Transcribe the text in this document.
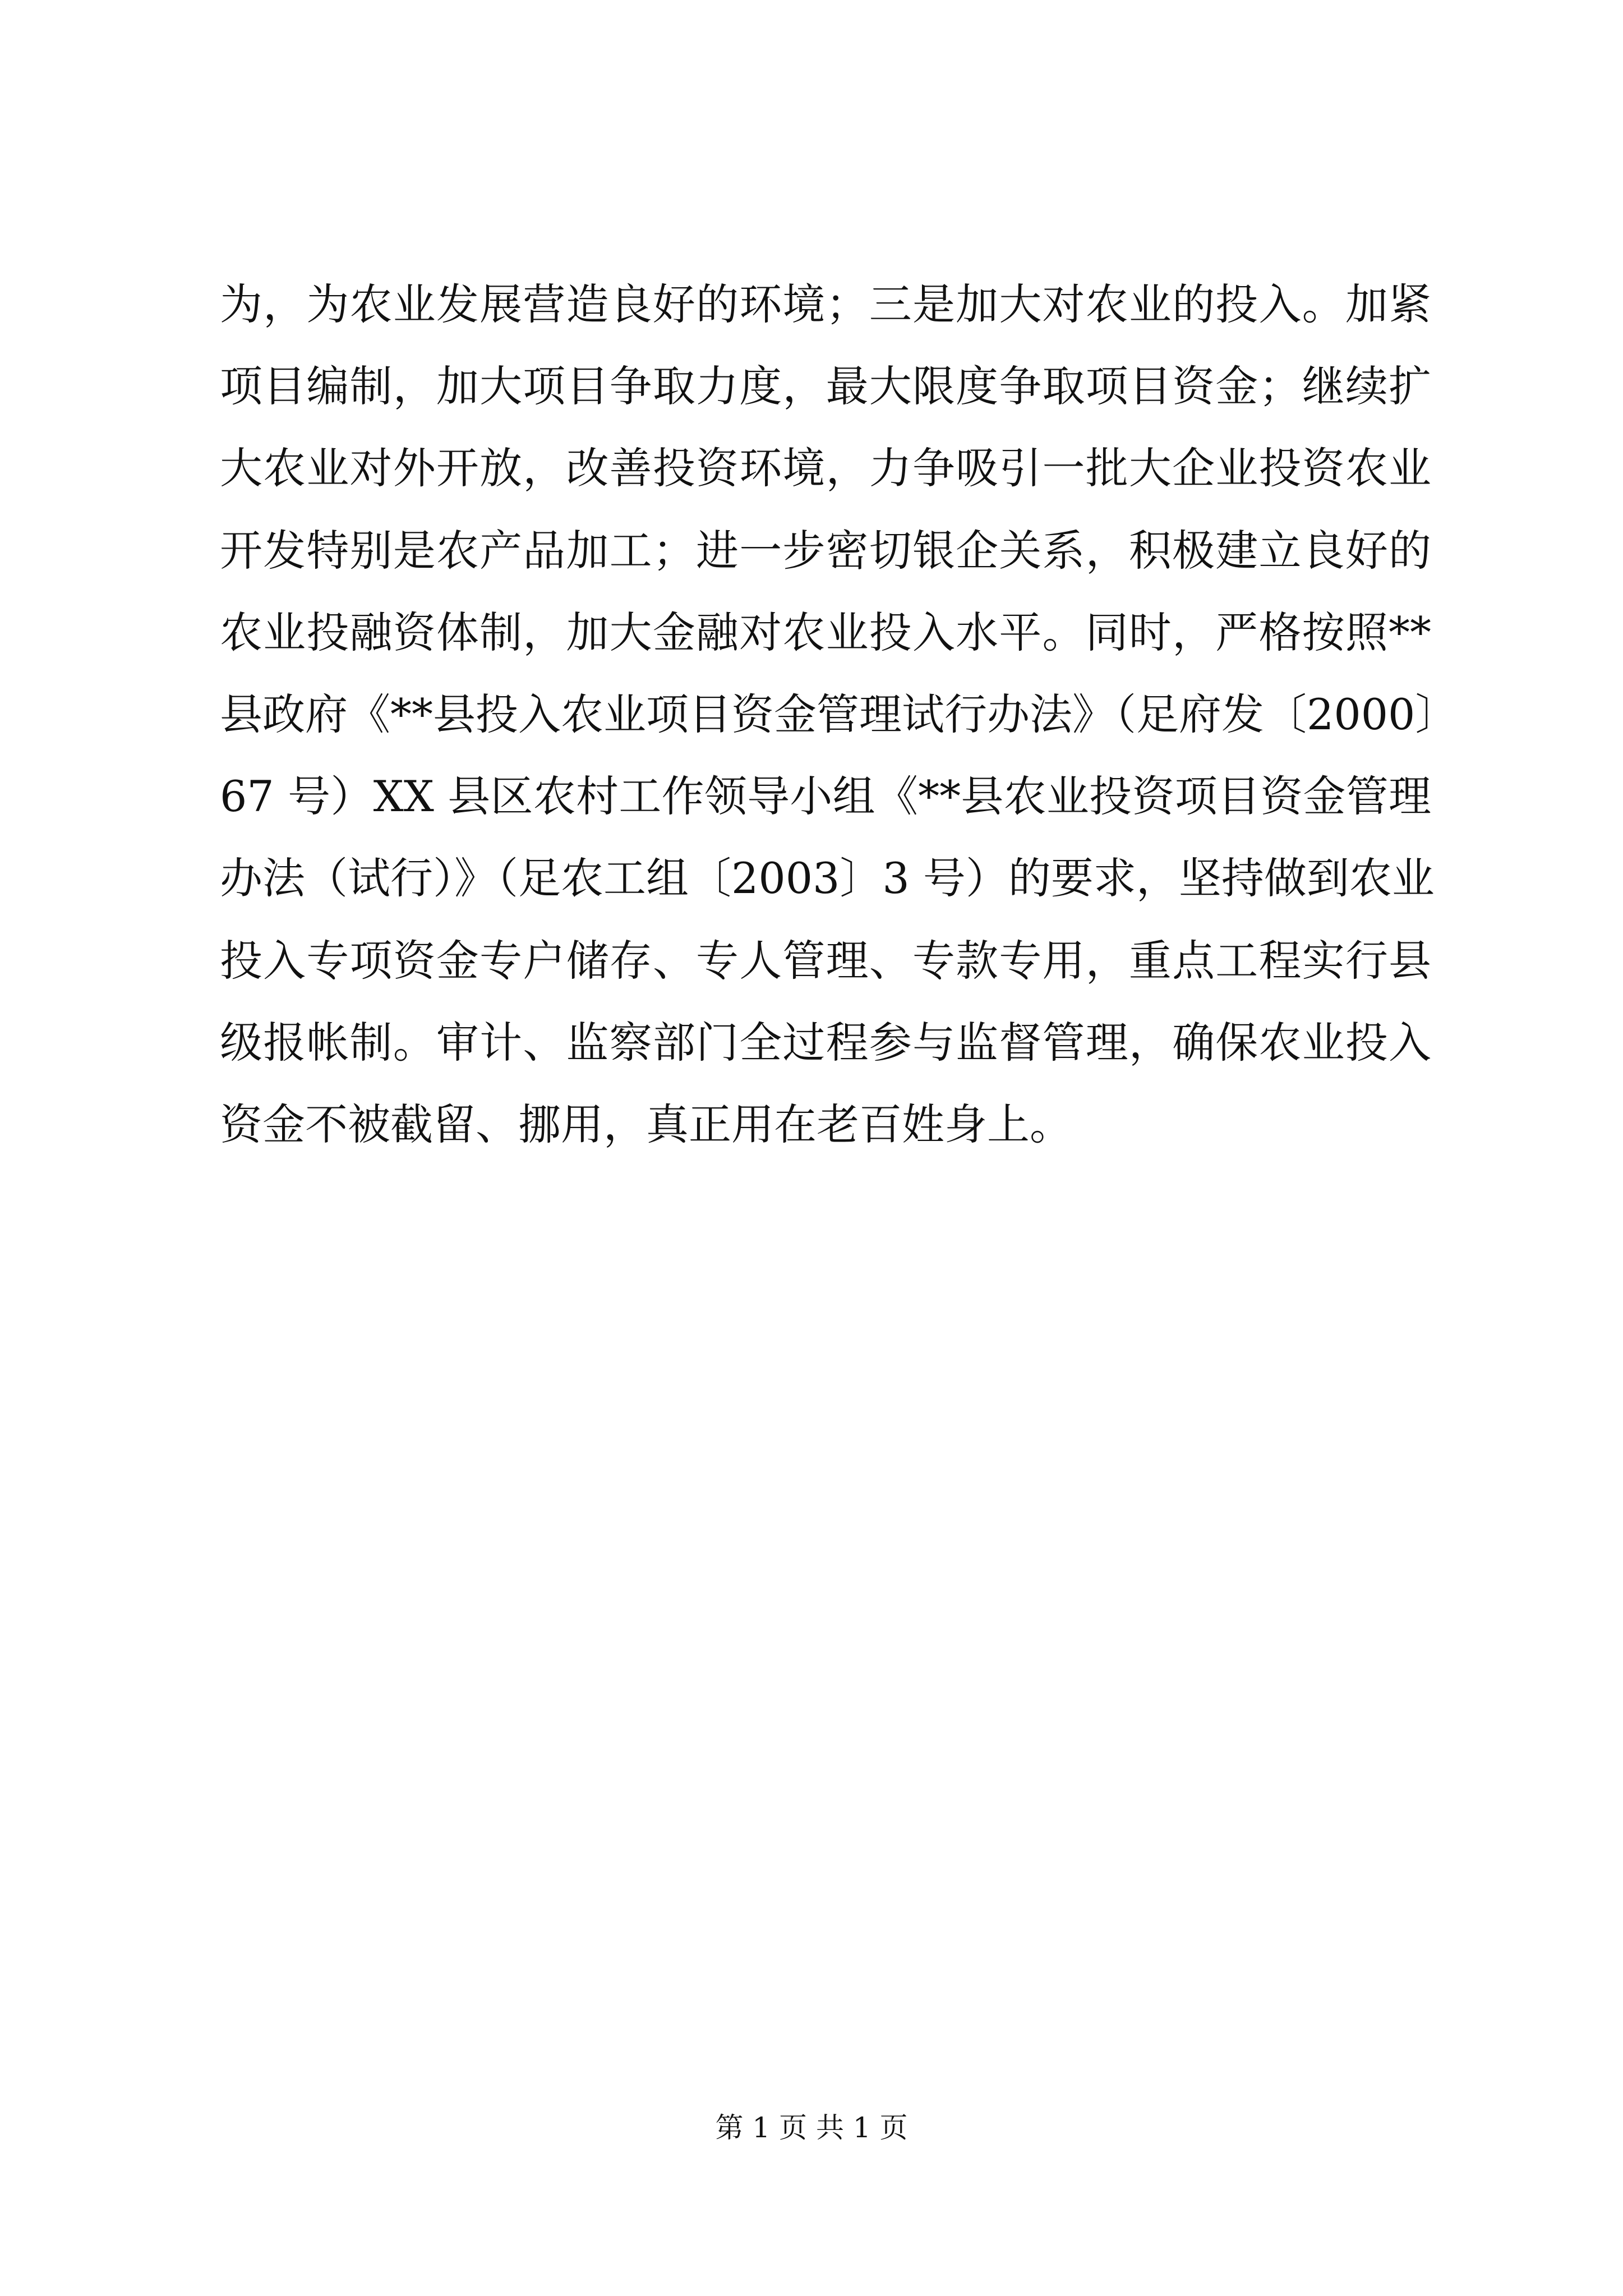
为，为农业发展营造良好的环境；三是加大对农业的投入。加紧
项目编制，加大项目争取力度，最大限度争取项目资金；继续扩
大农业对外开放，改善投资环境，力争吸引一批大企业投资农业
开发特别是农产品加工；进一步密切银企关系，积极建立良好的
农业投融资体制，加大金融对农业投入水平。同时，严格按照**
县政府《**县投入农业项目资金管理试行办法》（足府发〔2000〕
67 号）XX 县区农村工作领导小组《**县农业投资项目资金管理
办法（试行）》（足农工组〔2003〕3 号）的要求，坚持做到农业
投入专项资金专户储存、专人管理、专款专用，重点工程实行县
级报帐制。审计、监察部门全过程参与监督管理，确保农业投入
资金不被截留、挪用，真正用在老百姓身上。
第 1 页 共 1 页
